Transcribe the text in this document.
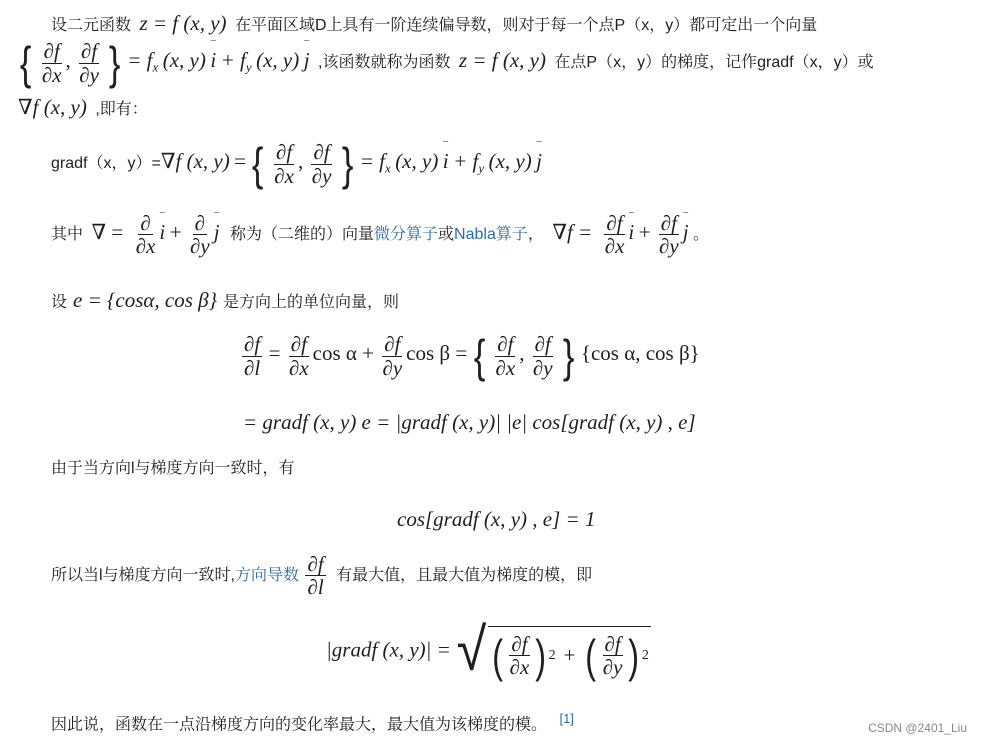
设二元函数 z = f (x, y) 在平面区域D上具有一阶连续偏导数，则对于每一个点P（x，y）都可定出一个向量
{ $\frac{\partial f}{\partial x}$ , $\frac{\partial f}{\partial y}$ } = $f_x$ (x, y) ‾ $i + f_y$ (x, y) ‾ j ,该函数就称为函数 z = f (x, y) 在点P（x，y）的梯度，记作gradf（x，y）或
∇f (x, y) ,即有：
gradf（x，y）=∇f (x, y) = { $\frac{\partial f}{\partial x}$ , $\frac{\partial f}{\partial y}$ } = $f_x$ (x, y) ‾ $i + f_y$ (x, y) ‾ j
其中 ∇ = $\frac{\partial}{\partial x}$ ‾ $i + \frac{\partial}{\partial y}$ ‾ j 称为（二维的）向量微分算子或Nabla算子， $\nabla f = \frac{\partial f}{\partial x}$ ‾ $i + \frac{\partial f}{\partial y}$ ‾ j 。
设 e = {cosα, cos β} 是方向上的单位向量，则
$\frac{\partial f}{\partial l} = \frac{\partial f}{\partial x}$ $\cos \alpha + \frac{\partial f}{\partial y}$ cos β = { $\frac{\partial f}{\partial x}$ , $\frac{\partial f}{\partial y}$ } {cos α, cos β}
= gradf (x, y) e = |gradf (x, y)| |e| cos[gradf (x, y) , e]
由于当方向l与梯度方向一致时，有
cos[gradf (x, y) , e] = 1
所以当l与梯度方向一致时,方向导数 $\frac{\partial f}{\partial l}$ 有最大值，且最大值为梯度的模，即
|gradf (x, y)| = √ ( $\frac{\partial f}{\partial x}$ ) 2 + ( $\frac{\partial f}{\partial y}$ ) 2
因此说，函数在一点沿梯度方向的变化率最大，最大值为该梯度的模。 [1]
CSDN @2401_Liu
